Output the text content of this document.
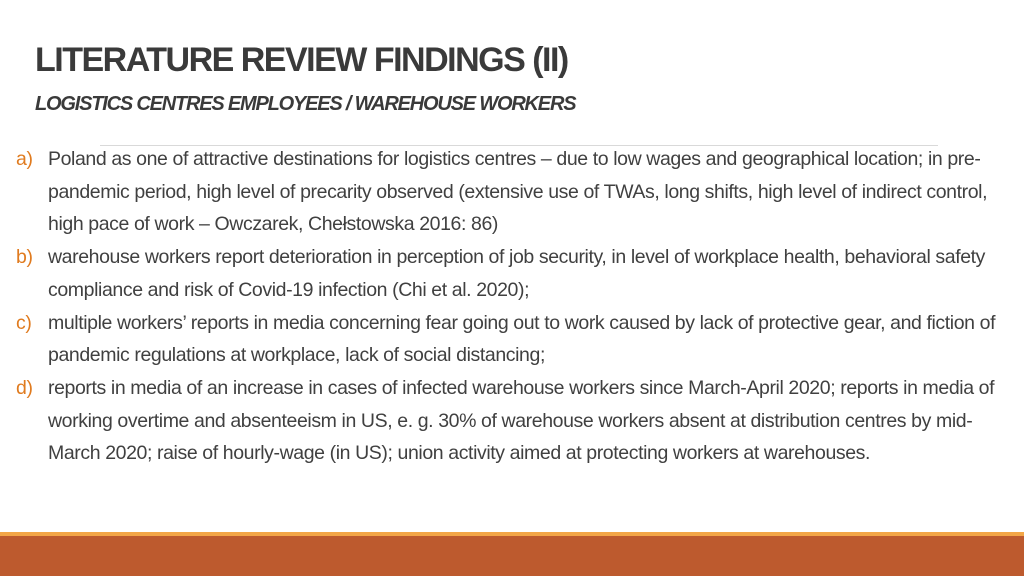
LITERATURE REVIEW FINDINGS (II)
LOGISTICS CENTRES EMPLOYEES / WAREHOUSE WORKERS
a) Poland as one of attractive destinations for logistics centres – due to low wages and geographical location; in pre-pandemic period, high level of precarity observed (extensive use of TWAs, long shifts, high level of indirect control, high pace of work – Owczarek, Chełstowska 2016: 86)
b) warehouse workers report deterioration in perception of job security, in level of workplace health, behavioral safety compliance and risk of Covid-19 infection (Chi et al. 2020);
c) multiple workers’ reports in media concerning fear going out to work caused by lack of protective gear, and fiction of pandemic regulations at workplace, lack of social distancing;
d) reports in media of an increase in cases of infected warehouse workers since March-April 2020; reports in media of working overtime and absenteeism in US, e. g. 30% of warehouse workers absent at distribution centres by mid-March 2020; raise of hourly-wage (in US); union activity aimed at protecting workers at warehouses.
